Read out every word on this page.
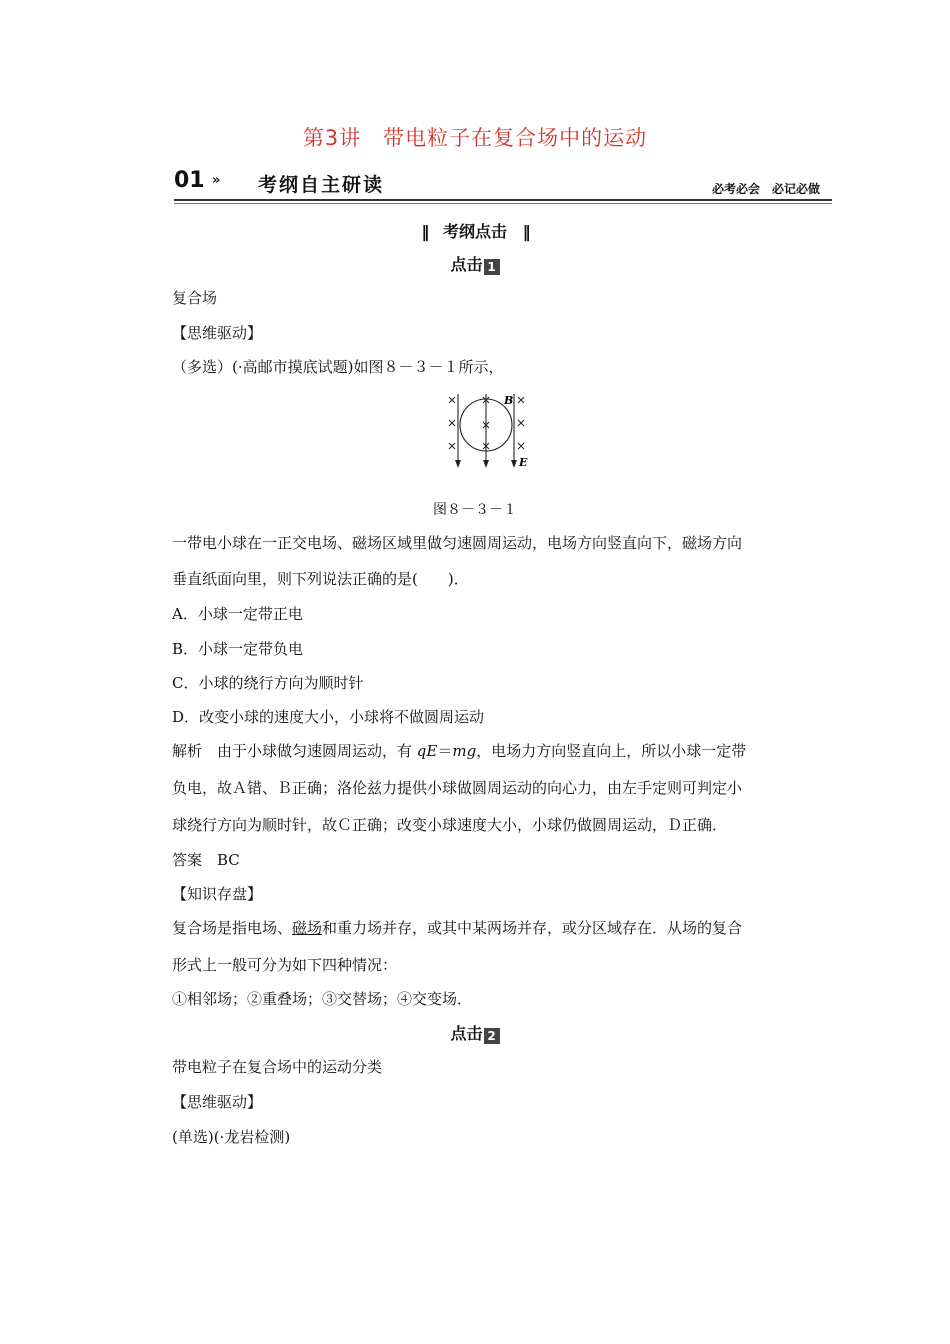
第3讲　带电粒子在复合场中的运动
01 » 考纲自主研读	必考必会　必记必做
‖ 考纲点击 ‖
点击 1
复合场
【思维驱动】
（多选）(·高邮市摸底试题)如图８－３－１所示，
B
E
图８－３－１
一带电小球在一正交电场、磁场区域里做匀速圆周运动，电场方向竖直向下，磁场方向
垂直纸面向里，则下列说法正确的是(　　)．
A．小球一定带正电
B．小球一定带负电
C．小球的绕行方向为顺时针
D．改变小球的速度大小，小球将不做圆周运动
解析　由于小球做匀速圆周运动，有 qE＝mg，电场力方向竖直向上，所以小球一定带
负电，故Ａ错、Ｂ正确；洛伦兹力提供小球做圆周运动的向心力，由左手定则可判定小
球绕行方向为顺时针，故Ｃ正确；改变小球速度大小，小球仍做圆周运动，Ｄ正确．
答案　BC
【知识存盘】
复合场是指电场、磁场和重力场并存，或其中某两场并存，或分区域存在．从场的复合
形式上一般可分为如下四种情况：
①相邻场；②重叠场；③交替场；④交变场．
点击 2
带电粒子在复合场中的运动分类
【思维驱动】
(单选)(·龙岩检测)
